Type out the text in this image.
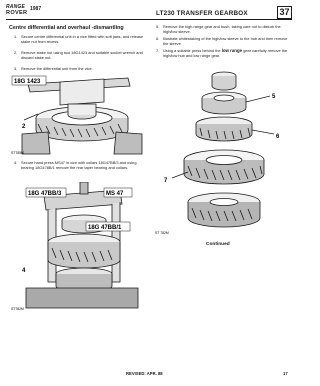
RANGE
ROVER
1987
LT230 TRANSFER GEARBOX	37
Centre differential and overhaul -dismantling
1. Secure centre differential unit in a vice fitted with soft jaws, and release stake nut from recess.
2. Remove stake nut using tool 18G1423 and suitable socket wrench and discard stake nut.
3. Remove the differential unit from the vice.
18G 1423
2
ST785M
4. Secure hand press MS47 in vice with collars 18G47BB/3 and using bearing 18G478B/1 remove the rear taper bearing and collars.
18G 47BB/3	MS 47
18G 47BB/1
4
ST782M
5. Remove the high range gear and bush, taking care not to disturb the high/low sleeve.
6. Illustrate whitestaking of the high/low sleeve to the hub and then remove the sleeve.
7. Using a suitable press behind the low range gear carefully remove the high/low hub and low range gear.
5
6
7
ST 782M
Continued
REVISED: APR. 88	17
